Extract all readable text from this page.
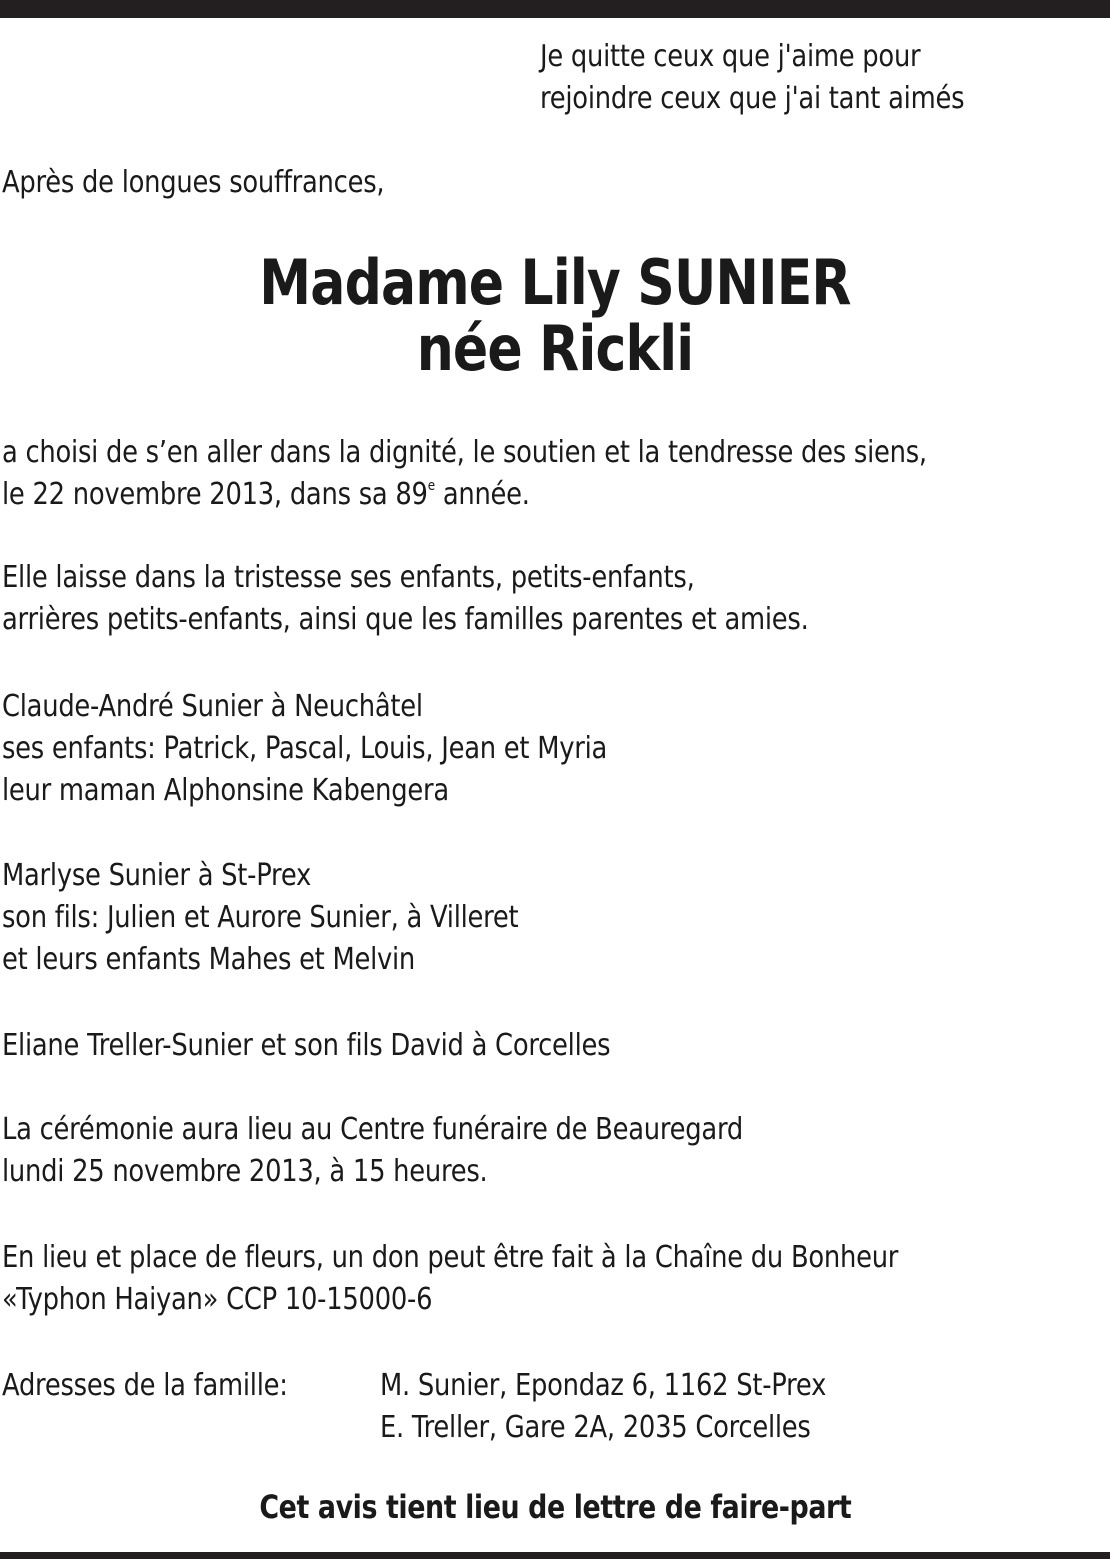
Je quitte ceux que j'aime pour
rejoindre ceux que j'ai tant aimés
Après de longues souffrances,
Madame Lily SUNIER
née Rickli
a choisi de s’en aller dans la dignité, le soutien et la tendresse des siens,
le 22 novembre 2013, dans sa 89e année.
Elle laisse dans la tristesse ses enfants, petits-enfants,
arrières petits-enfants, ainsi que les familles parentes et amies.
Claude-André Sunier à Neuchâtel
ses enfants: Patrick, Pascal, Louis, Jean et Myria
leur maman Alphonsine Kabengera
Marlyse Sunier à St-Prex
son fils: Julien et Aurore Sunier, à Villeret
et leurs enfants Mahes et Melvin
Eliane Treller-Sunier et son fils David à Corcelles
La cérémonie aura lieu au Centre funéraire de Beauregard
lundi 25 novembre 2013, à 15 heures.
En lieu et place de fleurs, un don peut être fait à la Chaîne du Bonheur
«Typhon Haiyan» CCP 10-15000-6
Adresses de la famille:	M. Sunier, Epondaz 6, 1162 St-Prex
E. Treller, Gare 2A, 2035 Corcelles
Cet avis tient lieu de lettre de faire-part
